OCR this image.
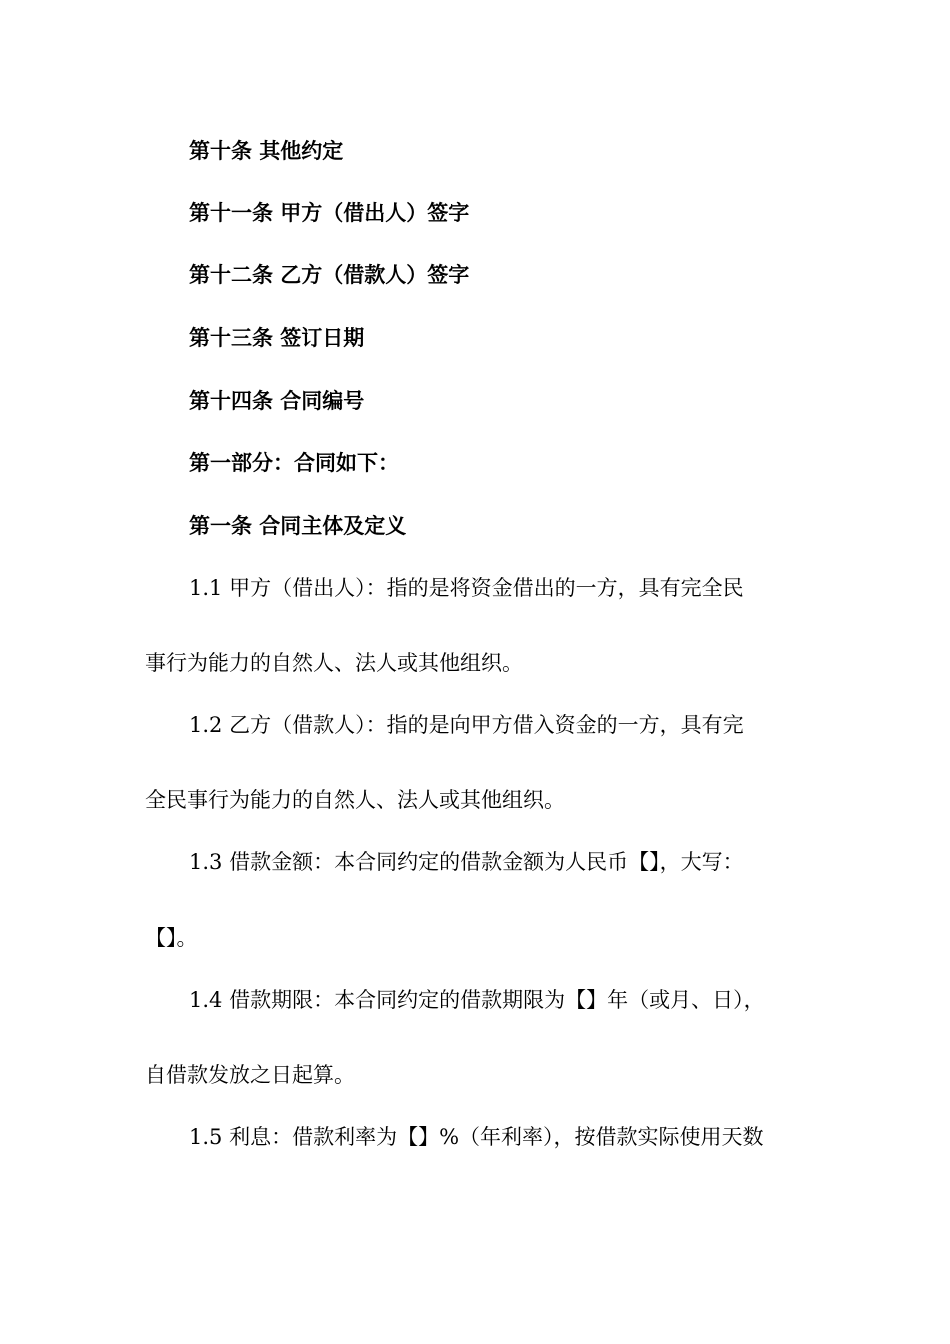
第十条 其他约定
第十一条 甲方（借出人）签字
第十二条 乙方（借款人）签字
第十三条 签订日期
第十四条 合同编号
第一部分：合同如下：
第一条 合同主体及定义
1.1 甲方（借出人）：指的是将资金借出的一方，具有完全民
事行为能力的自然人、法人或其他组织。
1.2 乙方（借款人）：指的是向甲方借入资金的一方，具有完
全民事行为能力的自然人、法人或其他组织。
1.3 借款金额：本合同约定的借款金额为人民币【】，大写：
【】。
1.4 借款期限：本合同约定的借款期限为【】年（或月、日），
自借款发放之日起算。
1.5 利息：借款利率为【】%（年利率），按借款实际使用天数
